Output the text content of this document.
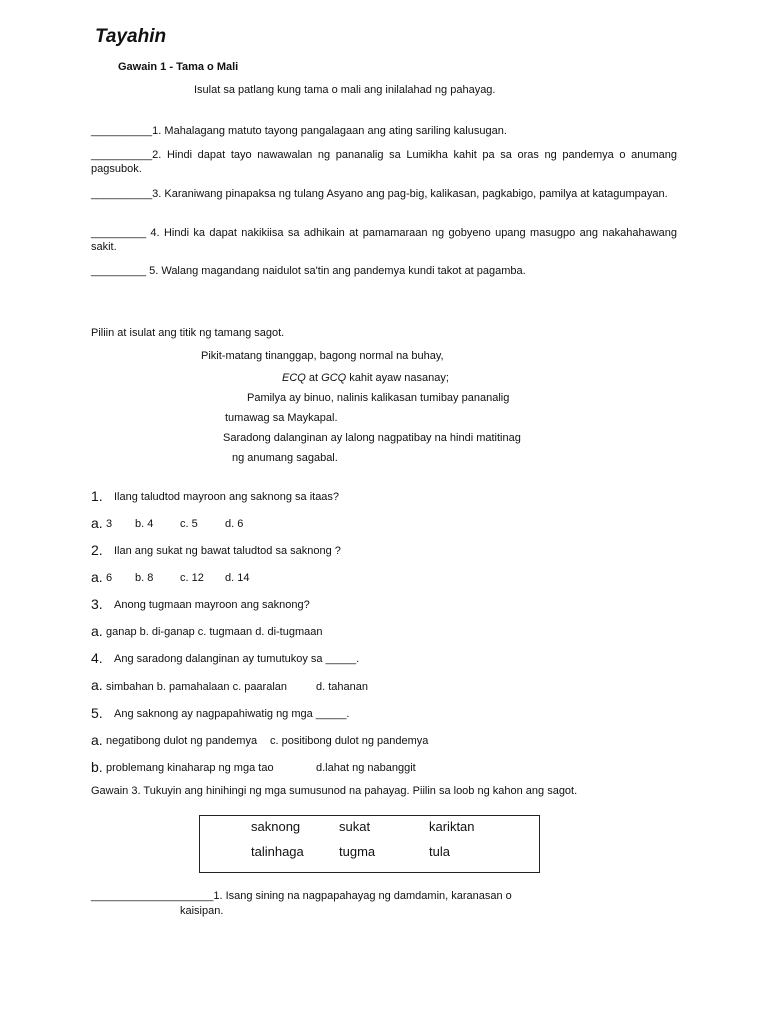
Tayahin
Gawain 1 - Tama o Mali
Isulat sa patlang kung tama o mali ang inilalahad ng pahayag.
__________1. Mahalagang matuto tayong pangalagaan ang ating sariling kalusugan.
__________2. Hindi dapat tayo nawawalan ng pananalig sa Lumikha kahit pa sa oras ng pandemya o anumang pagsubok.
__________3. Karaniwang pinapaksa ng tulang Asyano ang pag-big, kalikasan, pagkabigo, pamilya at katagumpayan.
_________ 4. Hindi ka dapat nakikiisa sa adhikain at pamamaraan ng gobyeno upang masugpo ang nakahahawang sakit.
_________ 5. Walang magandang naidulot sa'tin ang pandemya kundi takot at pagamba.
Piliin at isulat ang titik ng tamang sagot.
Pikit-matang tinanggap, bagong normal na buhay,
ECQ at GCQ kahit ayaw nasanay;
Pamilya ay binuo, nalinis kalikasan tumibay pananalig
tumawag sa Maykapal.
Saradong dalanginan ay lalong nagpatibay na hindi matitinag
ng anumang sagabal.
1. Ilang taludtod mayroon ang saknong sa itaas?
a. 3 b. 4 c. 5 d. 6
2. Ilan ang sukat ng bawat taludtod sa saknong ?
a. 6 b. 8 c. 12 d. 14
3. Anong tugmaan mayroon ang saknong?
a. ganap b. di-ganap c. tugmaan d. di-tugmaan
4. Ang saradong dalanginan ay tumutukoy sa _____.
a. simbahan b. pamahalaan c. paaralan	d. tahanan
5. Ang saknong ay nagpapahiwatig ng mga _____.
a. negatibong dulot ng pandemya c. positibong dulot ng pandemya
b. problemang kinaharap ng mga tao	d.lahat ng nabanggit
Gawain 3. Tukuyin ang hinihingi ng mga sumusunod na pahayag. Piilin sa loob ng kahon ang sagot.
saknong	sukat	kariktan
talinhaga	tugma	tula
____________________1. Isang sining na nagpapahayag ng damdamin, karanasan o
kaisipan.
